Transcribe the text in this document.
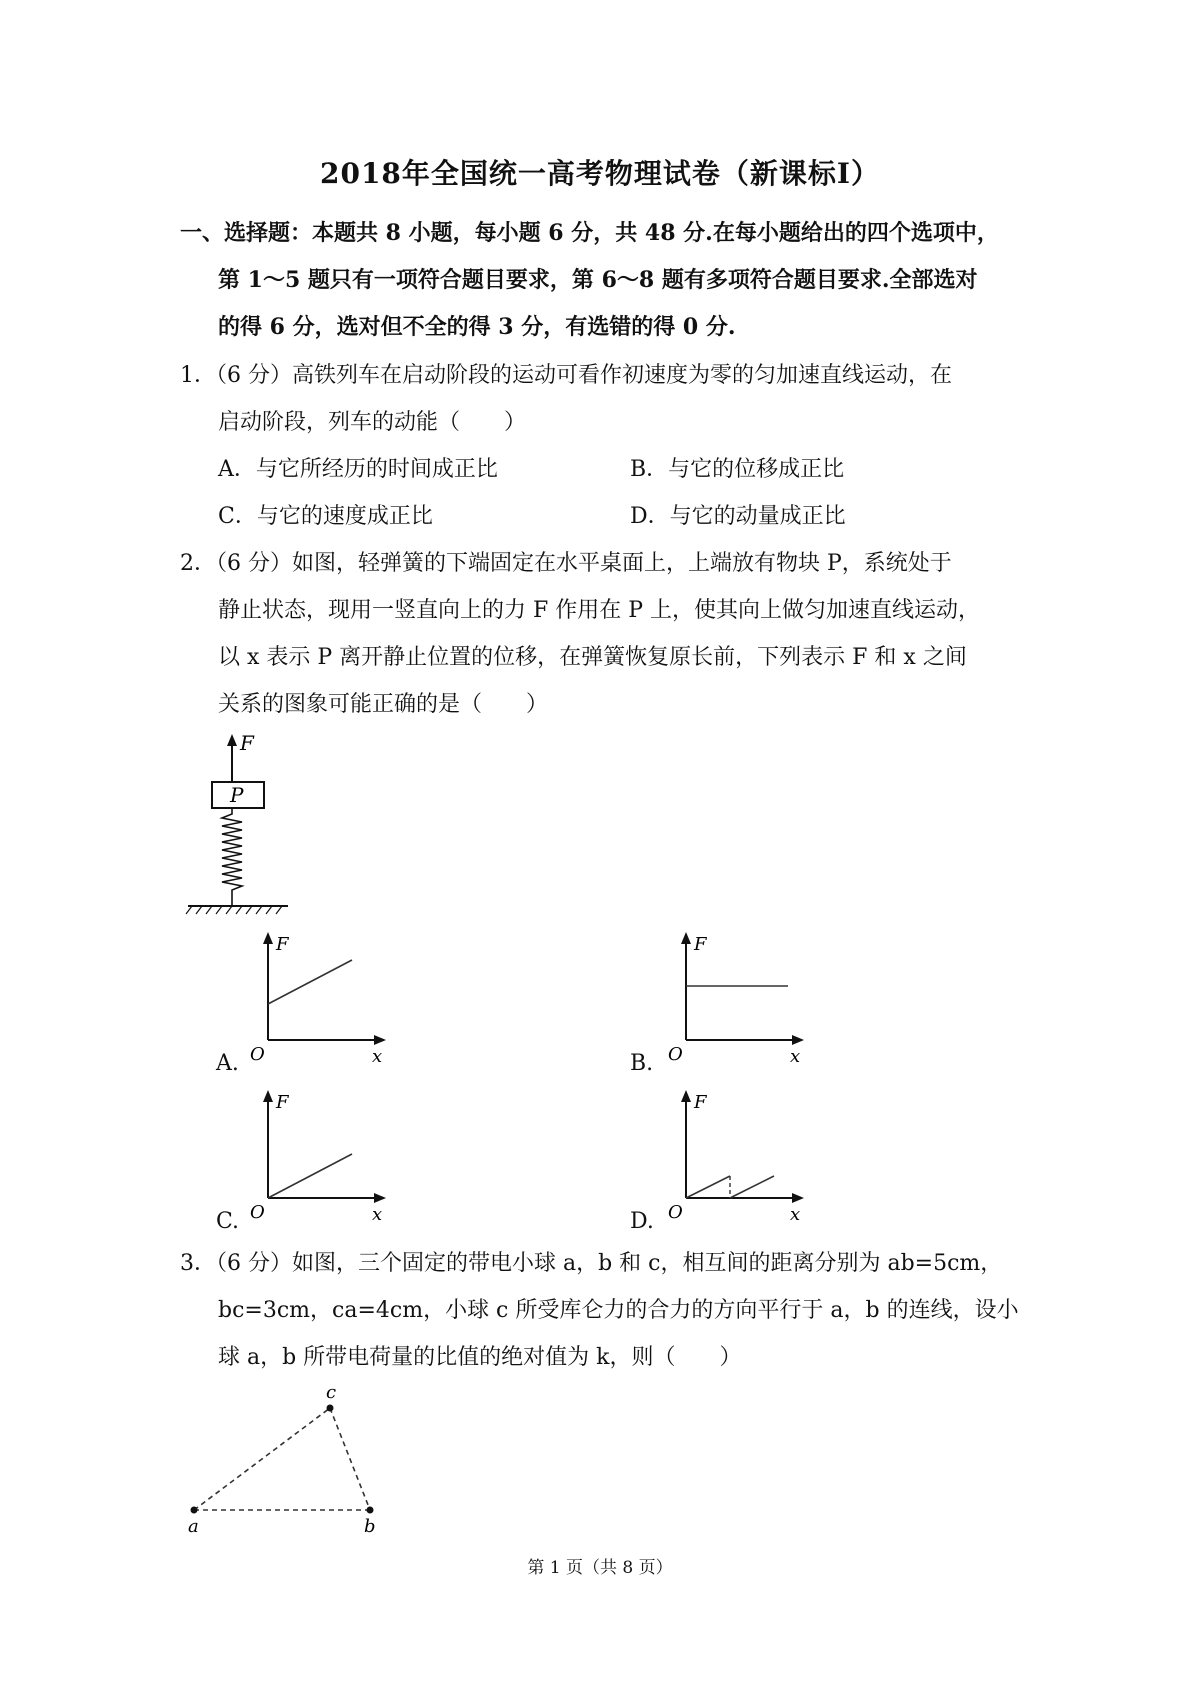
2018年全国统一高考物理试卷（新课标Ⅰ）
一、选择题：本题共 8 小题，每小题 6 分，共 48 分.在每小题给出的四个选项中，
第 1～5 题只有一项符合题目要求，第 6～8 题有多项符合题目要求.全部选对
的得 6 分，选对但不全的得 3 分，有选错的得 0 分.
1．（6 分）高铁列车在启动阶段的运动可看作初速度为零的匀加速直线运动，在
启动阶段，列车的动能（　　）
A．与它所经历的时间成正比	B．与它的位移成正比
C．与它的速度成正比	D．与它的动量成正比
2．（6 分）如图，轻弹簧的下端固定在水平桌面上，上端放有物块 P，系统处于
静止状态，现用一竖直向上的力 F 作用在 P 上，使其向上做匀加速直线运动，
以 x 表示 P 离开静止位置的位移，在弹簧恢复原长前，下列表示 F 和 x 之间
关系的图象可能正确的是（　　）
F
P
A.
F
O	x	B.
F
O	x
C.
F
O	x	D.
F
O	x
3．（6 分）如图，三个固定的带电小球 a，b 和 c，相互间的距离分别为 ab=5cm，
bc=3cm，ca=4cm，小球 c 所受库仑力的合力的方向平行于 a，b 的连线，设小
球 a，b 所带电荷量的比值的绝对值为 k，则（　　）
a	b
c
第 1 页（共 8 页）
